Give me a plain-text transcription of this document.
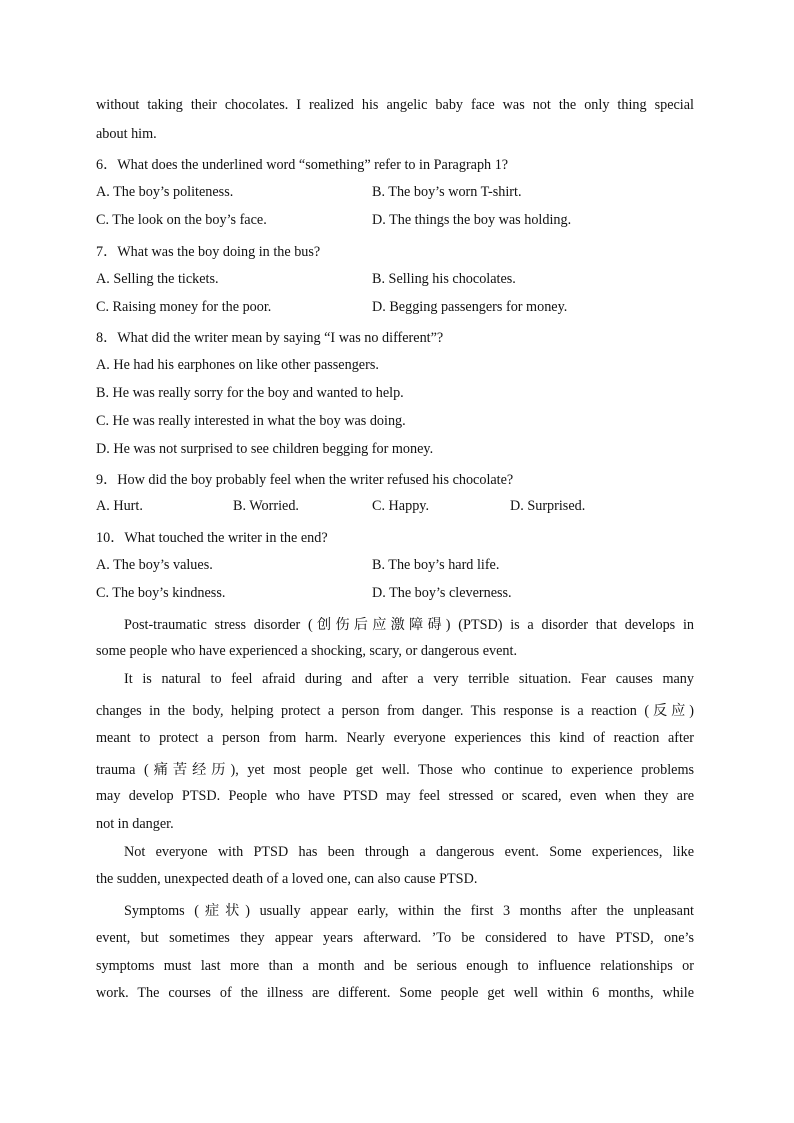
without taking their chocolates. I realized his angelic baby face was not the only thing special
about him.
6．What does the underlined word “something” refer to in Paragraph 1?
A. The boy’s politeness.	B. The boy’s worn T-shirt.
C. The look on the boy’s face.	D. The things the boy was holding.
7．What was the boy doing in the bus?
A. Selling the tickets.	B. Selling his chocolates.
C. Raising money for the poor.	D. Begging passengers for money.
8．What did the writer mean by saying “I was no different”?
A. He had his earphones on like other passengers.
B. He was really sorry for the boy and wanted to help.
C. He was really interested in what the boy was doing.
D. He was not surprised to see children begging for money.
9．How did the boy probably feel when the writer refused his chocolate?
A. Hurt.	B. Worried.	C. Happy.	D. Surprised.
10．What touched the writer in the end?
A. The boy’s values.	B. The boy’s hard life.
C. The boy’s kindness.	D. The boy’s cleverness.
Post-traumatic stress disorder (创伤后应激障碍) (PTSD) is a disorder that develops in
some people who have experienced a shocking, scary, or dangerous event.
It is natural to feel afraid during and after a very terrible situation. Fear causes many
changes in the body, helping protect a person from danger. This response is a reaction (反应)
meant to protect a person from harm. Nearly everyone experiences this kind of reaction after
trauma (痛苦经历), yet most people get well. Those who continue to experience problems
may develop PTSD. People who have PTSD may feel stressed or scared, even when they are
not in danger.
Not everyone with PTSD has been through a dangerous event. Some experiences, like
the sudden, unexpected death of a loved one, can also cause PTSD.
Symptoms (症状) usually appear early, within the first 3 months after the unpleasant
event, but sometimes they appear years afterward. ’To be considered to have PTSD, one’s
symptoms must last more than a month and be serious enough to influence relationships or
work. The courses of the illness are different. Some people get well within 6 months, while
